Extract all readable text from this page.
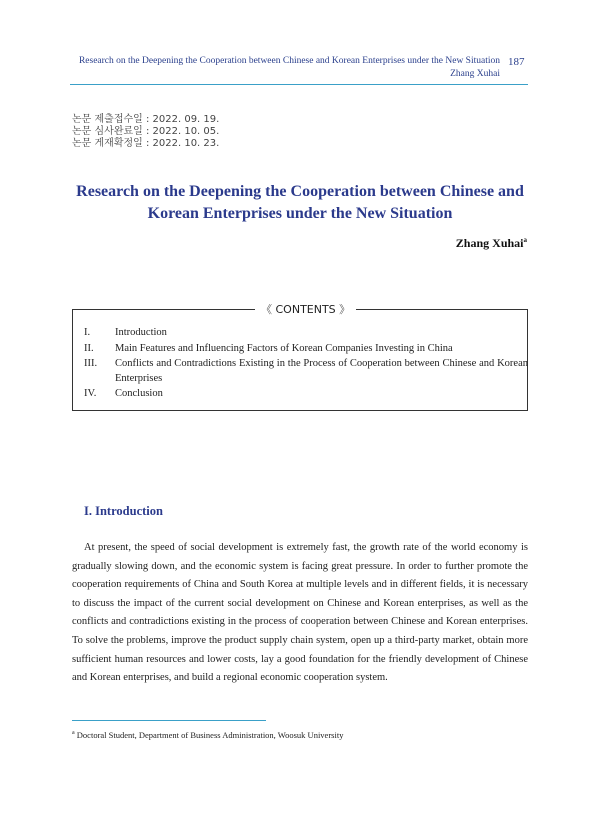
Research on the Deepening the Cooperation between Chinese and Korean Enterprises under the New Situation
Zhang Xuhai
187
논문 제출접수일 : 2022. 09. 19.
논문 심사완료일 : 2022. 10. 05.
논문 게재확정일 : 2022. 10. 23.
Research on the Deepening the Cooperation between Chinese and
Korean Enterprises under the New Situation
Zhang Xuhai$^a$
《 CONTENTS 》
I. Introduction
II. Main Features and Influencing Factors of Korean Companies Investing in China
III. Conflicts and Contradictions Existing in the Process of Cooperation between Chinese and Korean Enterprises
IV. Conclusion
I. Introduction
At present, the speed of social development is extremely fast, the growth rate of the world economy is gradually slowing down, and the economic system is facing great pressure. In order to further promote the cooperation requirements of China and South Korea at multiple levels and in different fields, it is necessary to discuss the impact of the current social development on Chinese and Korean enterprises, as well as the conflicts and contradictions existing in the process of cooperation between Chinese and Korean enterprises. To solve the problems, improve the product supply chain system, open up a third-party market, obtain more sufficient human resources and lower costs, lay a good foundation for the friendly development of Chinese and Korean enterprises, and build a regional economic cooperation system.
$^a$ Doctoral Student, Department of Business Administration, Woosuk University
